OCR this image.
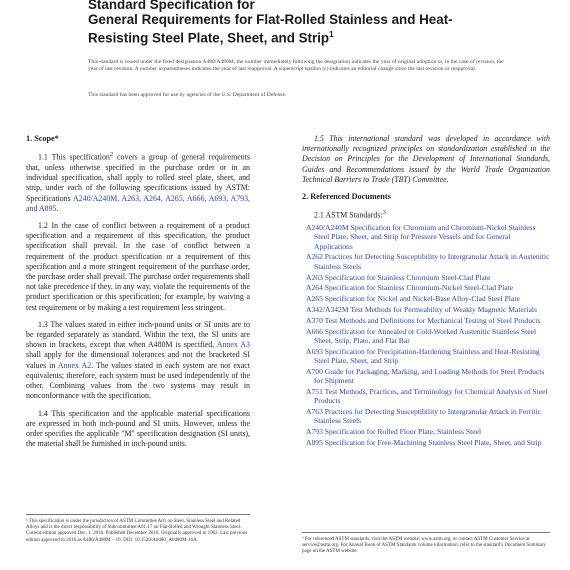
Standard Specification for
General Requirements for Flat-Rolled Stainless and Heat-
Resisting Steel Plate, Sheet, and Strip$^1$
This standard is issued under the fixed designation A480/A480M; the number immediately following the designation indicates the year of original adoption or, in the case of revision, the year of last revision. A number in parentheses indicates the year of last reapproval. A superscript epsilon (ε) indicates an editorial change since the last revision or reapproval.
This standard has been approved for use by agencies of the U.S. Department of Defense.
1. Scope*

1.1 This specification$^2$ covers a group of general requirements that, unless otherwise specified in the purchase order or in an individual specification, shall apply to rolled steel plate, sheet, and strip, under each of the following specifications issued by ASTM: Specifications A240/A240M, A263, A264, A265, A666, A693, A793, and A895.

1.2 In the case of conflict between a requirement of a product specification and a requirement of this specification, the product specification shall prevail. In the case of conflict between a requirement of the product specification or a requirement of this specification and a more stringent requirement of the purchase order, the purchase order shall prevail. The purchase order requirements shall not take precedence if they, in any way, violate the requirements of the product specification or this specification; for example, by waiving a test requirement or by making a test requirement less stringent.

1.3 The values stated in either inch-pound units or SI units are to be regarded separately as standard. Within the text, the SI units are shown in brackets, except that when A480M is specified, Annex A3 shall apply for the dimensional tolerances and not the bracketed SI values in Annex A2. The values stated in each system are not exact equivalents; therefore, each system must be used independently of the other. Combining values from the two systems may result in nonconformance with the specification.

1.4 This specification and the applicable material specifications are expressed in both inch-pound and SI units. However, unless the order specifies the applicable "M" specification designation (SI units), the material shall be furnished in inch-pound units.

1.5 This international standard was developed in accordance with internationally recognized principles on standardization established in the Decision on Principles for the Development of International Standards, Guides and Recommendations issued by the World Trade Organization Technical Barriers to Trade (TBT) Committee.

2. Referenced Documents

2.1 ASTM Standards:$^3$

A240/A240M Specification for Chromium and Chromium-Nickel Stainless Steel Plate, Sheet, and Strip for Pressure Vessels and for General Applications
A262 Practices for Detecting Susceptibility to Intergranular Attack in Austenitic Stainless Steels
A263 Specification for Stainless Chromium Steel-Clad Plate
A264 Specification for Stainless Chromium-Nickel Steel-Clad Plate
A265 Specification for Nickel and Nickel-Base Alloy-Clad Steel Plate
A342/A342M Test Methods for Permeability of Weakly Magnetic Materials
A370 Test Methods and Definitions for Mechanical Testing of Steel Products
A666 Specification for Annealed or Cold-Worked Austenitic Stainless Steel Sheet, Strip, Plate, and Flat Bar
A693 Specification for Precipitation-Hardening Stainless and Heat-Resisting Steel Plate, Sheet, and Strip
A700 Guide for Packaging, Marking, and Loading Methods for Steel Products for Shipment
A751 Test Methods, Practices, and Terminology for Chemical Analysis of Steel Products
A763 Practices for Detecting Susceptibility to Intergranular Attack in Ferritic Stainless Steels
A793 Specification for Rolled Floor Plate, Stainless Steel
A895 Specification for Free-Machining Stainless Steel Plate, Sheet, and Strip
¹ This specification is under the jurisdiction of ASTM Committee A01 on Steel, Stainless Steel and Related Alloys and is the direct responsibility of Subcommittee A01.17 on Flat-Rolled and Wrought Stainless Steel.
Current edition approved Dec. 1, 2016. Published December 2016. Originally approved in 1962. Last previous edition approved in 2016 as A480/A480M – 16. DOI: 10.1520/A0480_A0480M-16A.	³ For referenced ASTM standards, visit the ASTM website, www.astm.org, or contact ASTM Customer Service at service@astm.org. For Annual Book of ASTM Standards volume information, refer to the standard's Document Summary page on the ASTM website.
